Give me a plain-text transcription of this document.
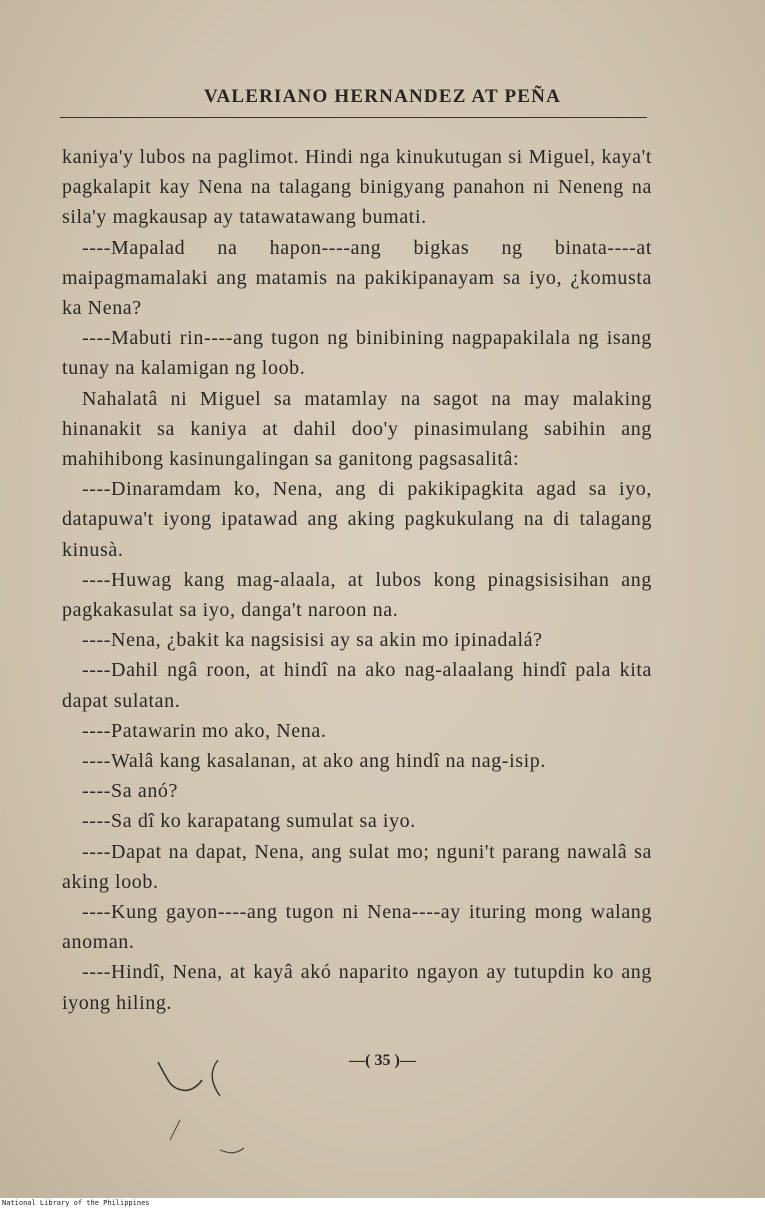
VALERIANO HERNANDEZ AT PEÑA

kaniya'y lubos na paglimot. Hindi nga kinukutugan si Miguel, kaya't pagkalapit kay Nena na talagang binigyang panahon ni Neneng na sila'y magkausap ay tatawatawang bumati.

----Mapalad na hapon----ang bigkas ng binata----at maipagmamalaki ang matamis na pakikipanayam sa iyo, ¿komusta ka Nena?

----Mabuti rin----ang tugon ng binibining nagpapakilala ng isang tunay na kalamigan ng loob.

Nahalatâ ni Miguel sa matamlay na sagot na may malaking hinanakit sa kaniya at dahil doo'y pinasimulang sabihin ang mahihibong kasinungalingan sa ganitong pagsasalitâ:

----Dinaramdam ko, Nena, ang di pakikipagkita agad sa iyo, datapuwa't iyong ipatawad ang aking pagkukulang na di talagang kinusà.

----Huwag kang mag-alaala, at lubos kong pinagsisisihan ang pagkakasulat sa iyo, danga't naroon na.

----Nena, ¿bakit ka nagsisisi ay sa akin mo ipinadalá?

----Dahil ngâ roon, at hindî na ako nag-alaalang hindî pala kita dapat sulatan.

----Patawarin mo ako, Nena.

----Walâ kang kasalanan, at ako ang hindî na nag-isip.

----Sa anó?

----Sa dî ko karapatang sumulat sa iyo.

----Dapat na dapat, Nena, ang sulat mo; nguni't parang nawalâ sa aking loob.

----Kung gayon----ang tugon ni Nena----ay ituring mong walang anoman.

----Hindî, Nena, at kayâ akó naparito ngayon ay tutupdin ko ang iyong hiling.

—( 35 )—
National Library of the Philippines
